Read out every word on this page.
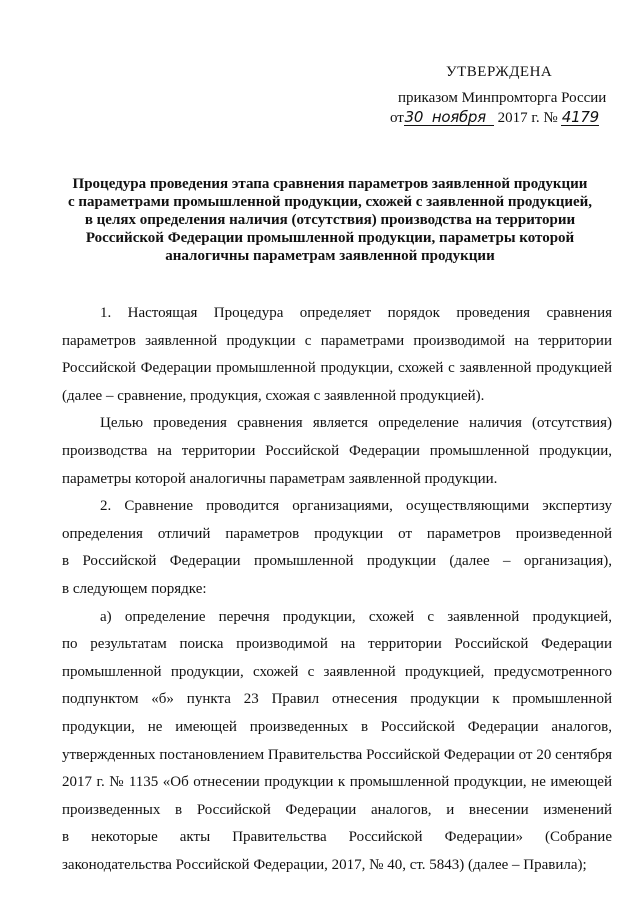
УТВЕРЖДЕНА
приказом Минпромторга России
от30 ноября 2017 г. № 4179
Процедура проведения этапа сравнения параметров заявленной продукции
с параметрами промышленной продукции, схожей с заявленной продукцией,
в целях определения наличия (отсутствия) производства на территории
Российской Федерации промышленной продукции, параметры которой
аналогичны параметрам заявленной продукции
1. Настоящая Процедура определяет порядок проведения сравнения
параметров заявленной продукции с параметрами производимой на территории
Российской Федерации промышленной продукции, схожей с заявленной продукцией
(далее – сравнение, продукция, схожая с заявленной продукцией).
Целью проведения сравнения является определение наличия (отсутствия)
производства на территории Российской Федерации промышленной продукции,
параметры которой аналогичны параметрам заявленной продукции.
2. Сравнение проводится организациями, осуществляющими экспертизу
определения отличий параметров продукции от параметров произведенной
в Российской Федерации промышленной продукции (далее – организация),
в следующем порядке:
а) определение перечня продукции, схожей с заявленной продукцией,
по результатам поиска производимой на территории Российской Федерации
промышленной продукции, схожей с заявленной продукцией, предусмотренного
подпунктом «б» пункта 23 Правил отнесения продукции к промышленной
продукции, не имеющей произведенных в Российской Федерации аналогов,
утвержденных постановлением Правительства Российской Федерации от 20 сентября
2017 г. № 1135 «Об отнесении продукции к промышленной продукции, не имеющей
произведенных в Российской Федерации аналогов, и внесении изменений
в некоторые акты Правительства Российской Федерации» (Собрание
законодательства Российской Федерации, 2017, № 40, ст. 5843) (далее – Правила);
